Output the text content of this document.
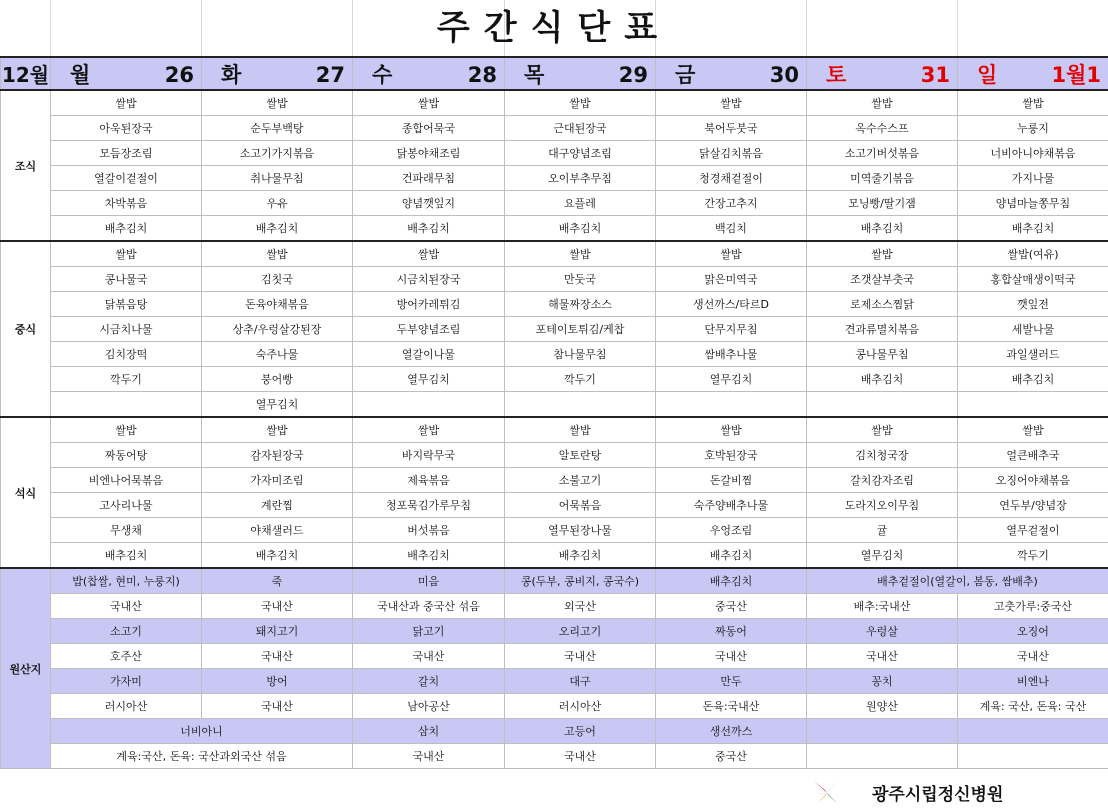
주간식단표
12월	월 26	화 27	수 28	목 29	금 30	토 31	일 1월1
조식	쌀밥	쌀밥	쌀밥	쌀밥	쌀밥	쌀밥	쌀밥
	아욱된장국	순두부백탕	종합어묵국	근대된장국	북어두붓국	옥수수스프	누룽지
	모듬장조림	소고기가지볶음	닭봉야채조림	대구양념조림	닭살김치볶음	소고기버섯볶음	너비아니야채볶음
	열갈이겉절이	취나물무침	건파래무침	오이부추무침	청경채겉절이	미역줄기볶음	가지나물
	차박볶음	우유	양념깻잎지	요플레	간장고추지	모닝빵/딸기잼	양념마늘쫑무침
	배추김치	배추김치	배추김치	배추김치	백김치	배추김치	배추김치
중식	쌀밥	쌀밥	쌀밥	쌀밥	쌀밥	쌀밥	쌀밥(여유)
	콩나물국	김칫국	시금치된장국	만둣국	맑은미역국	조갯살부춧국	홍합살매생이떡국
	닭볶음탕	돈육야채볶음	방어카레튀김	해물짜장소스	생선까스/타르D	로제소스찜닭	깻잎전
	시금치나물	상추/우렁살강된장	두부양념조림	포테이토튀김/케찹	단무지무침	견과류멸치볶음	세발나물
	김치장떡	숙주나물	열갈이나물	참나물무침	쌈배추나물	콩나물무침	과일샐러드
	깍두기	붕어빵	열무김치	깍두기	열무김치	배추김치	배추김치
		열무김치					
석식	쌀밥	쌀밥	쌀밥	쌀밥	쌀밥	쌀밥	쌀밥
	짜동어탕	감자된장국	바지락무국	알토란탕	호박된장국	김치청국장	얼큰배추국
	비엔나어묵볶음	가자미조림	제육볶음	소불고기	돈갈비찜	갈치감자조림	오징어야채볶음
	고사리나물	계란찜	청포묵김가루무침	어묵볶음	숙주양배추나물	도라지오이무침	연두부/양념장
	무생채	야채샐러드	버섯볶음	열무된장나물	우엉조림	귤	열무겉절이
	배추김치	배추김치	배추김치	배추김치	배추김치	열무김치	깍두기
원산지	밥(찹쌀, 현미, 누룽지)	죽	미음	콩(두부, 콩비지, 콩국수)	배추김치	배추겉절이(열갈이, 봄동, 쌈배추)	
	국내산	국내산	국내산과 중국산 섞음	외국산	중국산	배추:국내산	고춧가루:중국산
	소고기	돼지고기	닭고기	오리고기	짜동어	우렁살	오징어
	호주산	국내산	국내산	국내산	국내산	국내산	국내산
	가자미	방어	갈치	대구	만두	꽁치	비엔나
	러시아산	국내산	남아공산	러시아산	돈육:국내산	원양산	계육: 국산, 돈육: 국산
	너비아니		삼치	고등어	생선까스		
	계육:국산, 돈육: 국산과외국산 섞음		국내산	국내산	중국산		
광주시립정신병원
